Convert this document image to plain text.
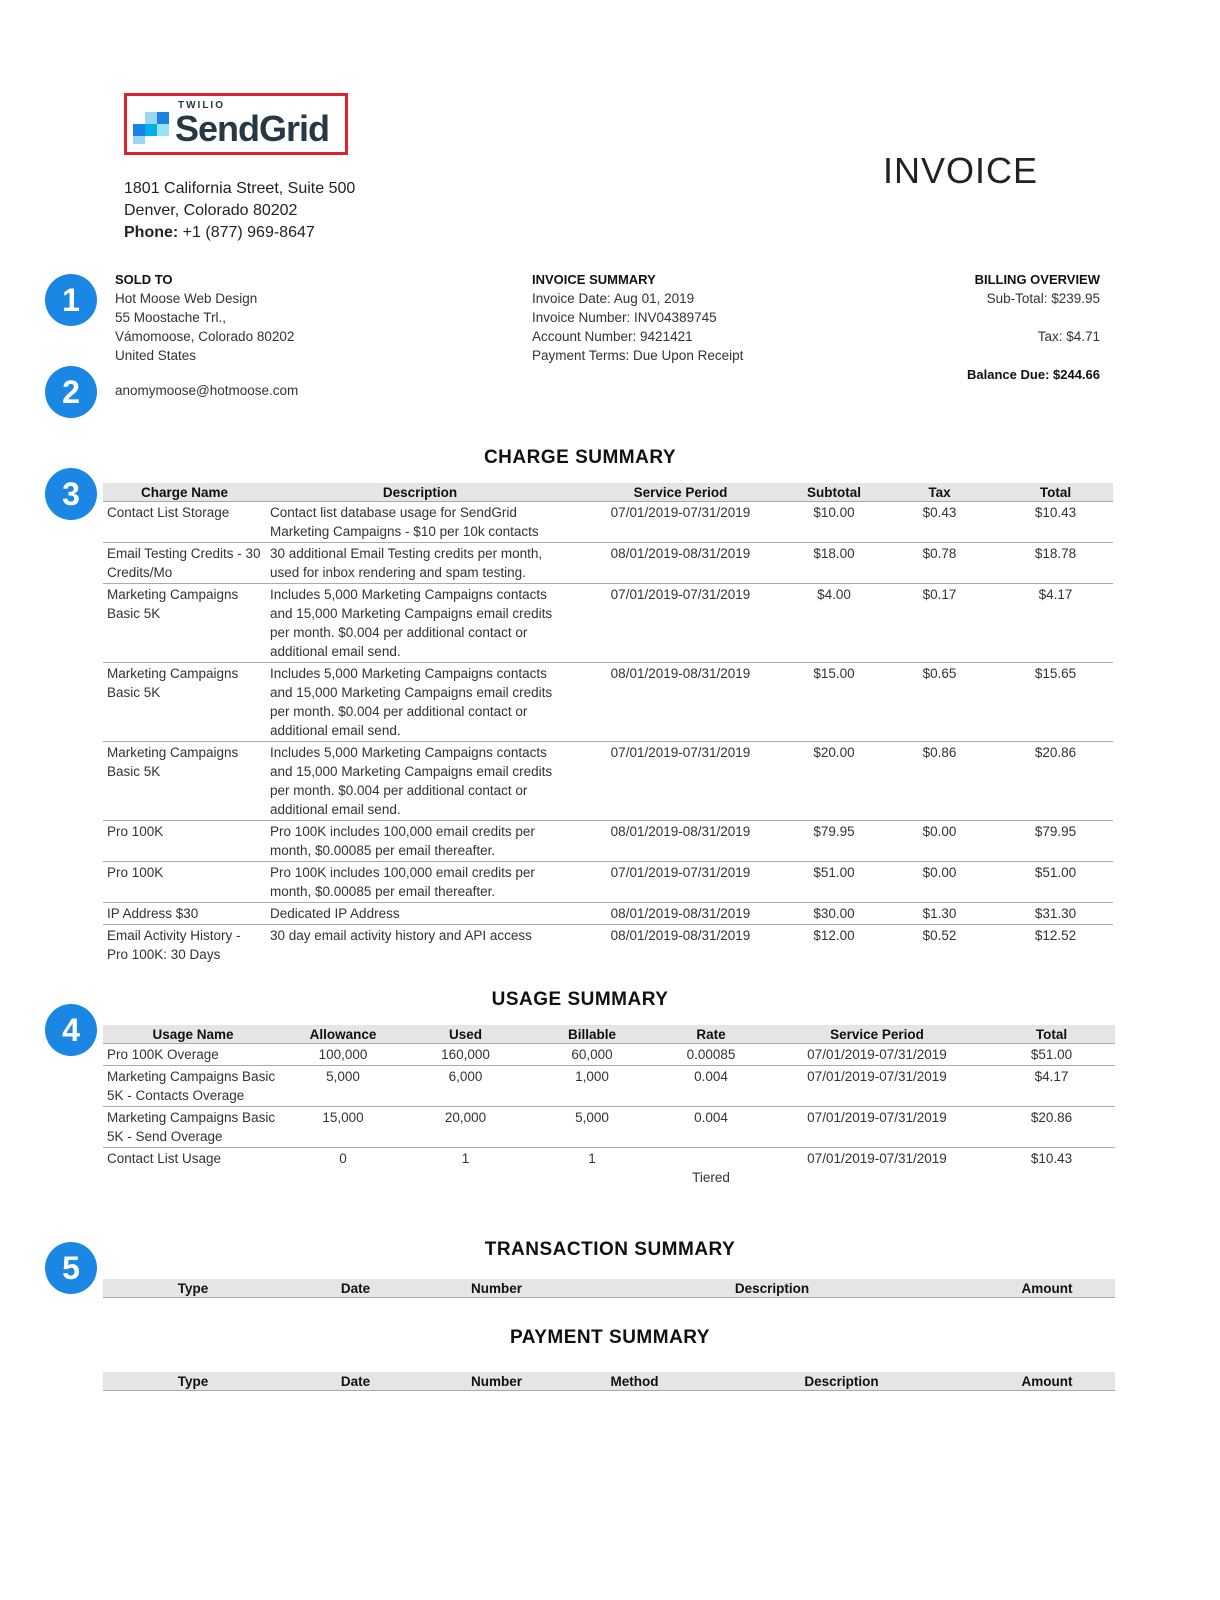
TWILIO
SendGrid
1801 California Street, Suite 500
Denver, Colorado 80202
Phone: +1 (877) 969-8647
INVOICE
1
2
3
4
5
SOLD TO
Hot Moose Web Design
55 Moostache Trl.,
Vámomoose, Colorado 80202
United States
anomymoose@hotmoose.com
INVOICE SUMMARY
Invoice Date: Aug 01, 2019
Invoice Number: INV04389745
Account Number: 9421421
Payment Terms: Due Upon Receipt
BILLING OVERVIEW
Sub-Total: $239.95
Tax: $4.71
Balance Due: $244.66
CHARGE SUMMARY
Charge Name	Description	Service Period	Subtotal	Tax	Total
Contact List Storage	Contact list database usage for SendGrid Marketing Campaigns - $10 per 10k contacts	07/01/2019-07/31/2019	$10.00	$0.43	$10.43
Email Testing Credits - 30 Credits/Mo	30 additional Email Testing credits per month, used for inbox rendering and spam testing.	08/01/2019-08/31/2019	$18.00	$0.78	$18.78
Marketing Campaigns Basic 5K	Includes 5,000 Marketing Campaigns contacts and 15,000 Marketing Campaigns email credits per month. $0.004 per additional contact or additional email send.	07/01/2019-07/31/2019	$4.00	$0.17	$4.17
Marketing Campaigns Basic 5K	Includes 5,000 Marketing Campaigns contacts and 15,000 Marketing Campaigns email credits per month. $0.004 per additional contact or additional email send.	08/01/2019-08/31/2019	$15.00	$0.65	$15.65
Marketing Campaigns Basic 5K	Includes 5,000 Marketing Campaigns contacts and 15,000 Marketing Campaigns email credits per month. $0.004 per additional contact or additional email send.	07/01/2019-07/31/2019	$20.00	$0.86	$20.86
Pro 100K	Pro 100K includes 100,000 email credits per month, $0.00085 per email thereafter.	08/01/2019-08/31/2019	$79.95	$0.00	$79.95
Pro 100K	Pro 100K includes 100,000 email credits per month, $0.00085 per email thereafter.	07/01/2019-07/31/2019	$51.00	$0.00	$51.00
IP Address $30	Dedicated IP Address	08/01/2019-08/31/2019	$30.00	$1.30	$31.30
Email Activity History - Pro 100K: 30 Days	30 day email activity history and API access	08/01/2019-08/31/2019	$12.00	$0.52	$12.52
USAGE SUMMARY
Usage Name	Allowance	Used	Billable	Rate	Service Period	Total
Pro 100K Overage	100,000	160,000	60,000	0.00085	07/01/2019-07/31/2019	$51.00
Marketing Campaigns Basic 5K - Contacts Overage	5,000	6,000	1,000	0.004	07/01/2019-07/31/2019	$4.17
Marketing Campaigns Basic 5K - Send Overage	15,000	20,000	5,000	0.004	07/01/2019-07/31/2019	$20.86
Contact List Usage	0	1	1	Tiered	07/01/2019-07/31/2019	$10.43
TRANSACTION SUMMARY
Type	Date	Number	Description	Amount
PAYMENT SUMMARY
Type	Date	Number	Method	Description	Amount
